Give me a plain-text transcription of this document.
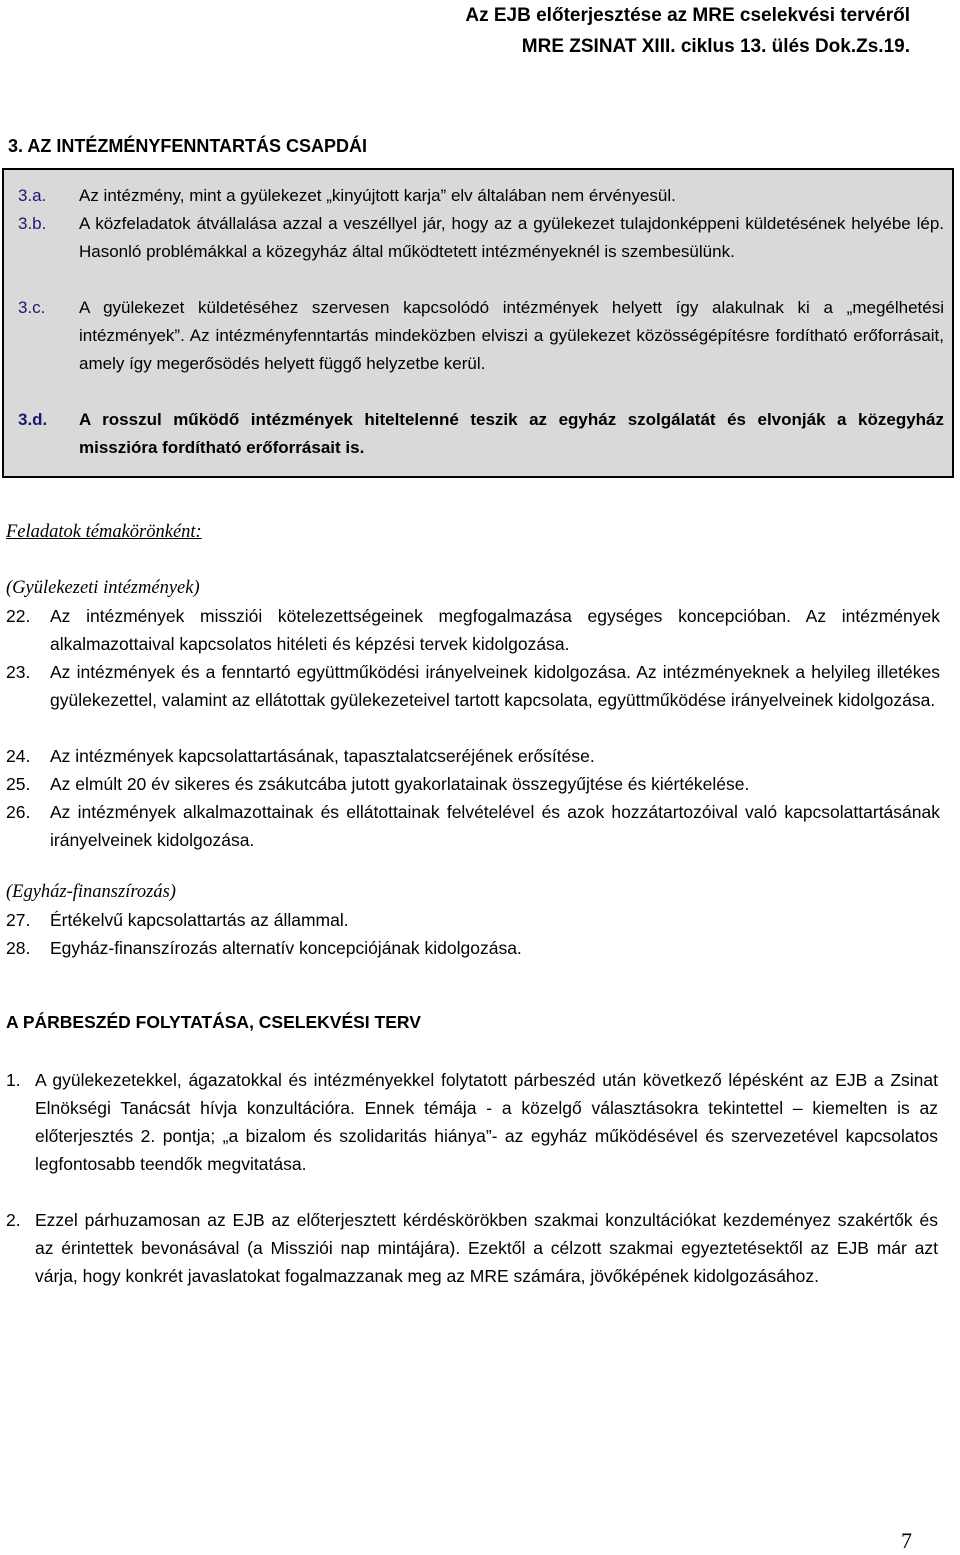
Az EJB előterjesztése az MRE cselekvési tervéről
MRE ZSINAT XIII. ciklus 13. ülés Dok.Zs.19.
3. AZ INTÉZMÉNYFENNTARTÁS CSAPDÁI
3.a.	Az intézmény, mint a gyülekezet „kinyújtott karja” elv általában nem érvényesül.
3.b.	A közfeladatok átvállalása azzal a veszéllyel jár, hogy az a gyülekezet tulajdonképpeni küldetésének helyébe lép. Hasonló problémákkal a közegyház által működtetett intézményeknél is szembesülünk.
3.c.	A gyülekezet küldetéséhez szervesen kapcsolódó intézmények helyett így alakulnak ki a „megélhetési intézmények”. Az intézményfenntartás mindeközben elviszi a gyülekezet közösségépítésre fordítható erőforrásait, amely így megerősödés helyett függő helyzetbe kerül.
3.d.	A rosszul működő intézmények hiteltelenné teszik az egyház szolgálatát és elvonják a közegyház misszióra fordítható erőforrásait is.
Feladatok témakörönként:
(Gyülekezeti intézmények)
22. Az intézmények missziói kötelezettségeinek megfogalmazása egységes koncepcióban. Az intézmények alkalmazottaival kapcsolatos hitéleti és képzési tervek kidolgozása.
23. Az intézmények és a fenntartó együttműködési irányelveinek kidolgozása. Az intézményeknek a helyileg illetékes gyülekezettel, valamint az ellátottak gyülekezeteivel tartott kapcsolata, együttműködése irányelveinek kidolgozása.
24. Az intézmények kapcsolattartásának, tapasztalatcseréjének erősítése.
25. Az elmúlt 20 év sikeres és zsákutcába jutott gyakorlatainak összegyűjtése és kiértékelése.
26. Az intézmények alkalmazottainak és ellátottainak felvételével és azok hozzátartozóival való kapcsolattartásának irányelveinek kidolgozása.
(Egyház-finanszírozás)
27. Értékelvű kapcsolattartás az állammal.
28. Egyház-finanszírozás alternatív koncepciójának kidolgozása.
A PÁRBESZÉD FOLYTATÁSA, CSELEKVÉSI TERV
1. A gyülekezetekkel, ágazatokkal és intézményekkel folytatott párbeszéd után következő lépésként az EJB a Zsinat Elnökségi Tanácsát hívja konzultációra. Ennek témája - a közelgő választásokra tekintettel – kiemelten is az előterjesztés 2. pontja; „a bizalom és szolidaritás hiánya”- az egyház működésével és szervezetével kapcsolatos legfontosabb teendők megvitatása.
2. Ezzel párhuzamosan az EJB az előterjesztett kérdéskörökben szakmai konzultációkat kezdeményez szakértők és az érintettek bevonásával (a Missziói nap mintájára). Ezektől a célzott szakmai egyeztetésektől az EJB már azt várja, hogy konkrét javaslatokat fogalmazzanak meg az MRE számára, jövőképének kidolgozásához.
7
